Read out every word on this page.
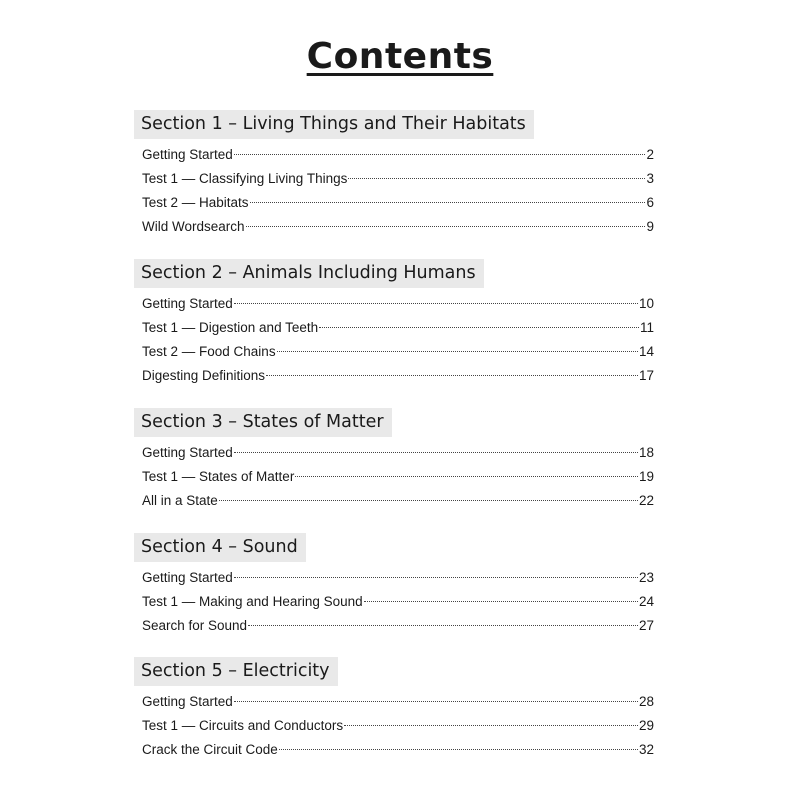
Contents
Section 1 – Living Things and Their Habitats
Getting Started	2
Test 1 — Classifying Living Things	3
Test 2 — Habitats	6
Wild Wordsearch	9
Section 2 – Animals Including Humans
Getting Started	10
Test 1 — Digestion and Teeth	11
Test 2 — Food Chains	14
Digesting Definitions	17
Section 3 – States of Matter
Getting Started	18
Test 1 — States of Matter	19
All in a State	22
Section 4 – Sound
Getting Started	23
Test 1 — Making and Hearing Sound	24
Search for Sound	27
Section 5 – Electricity
Getting Started	28
Test 1 — Circuits and Conductors	29
Crack the Circuit Code	32
